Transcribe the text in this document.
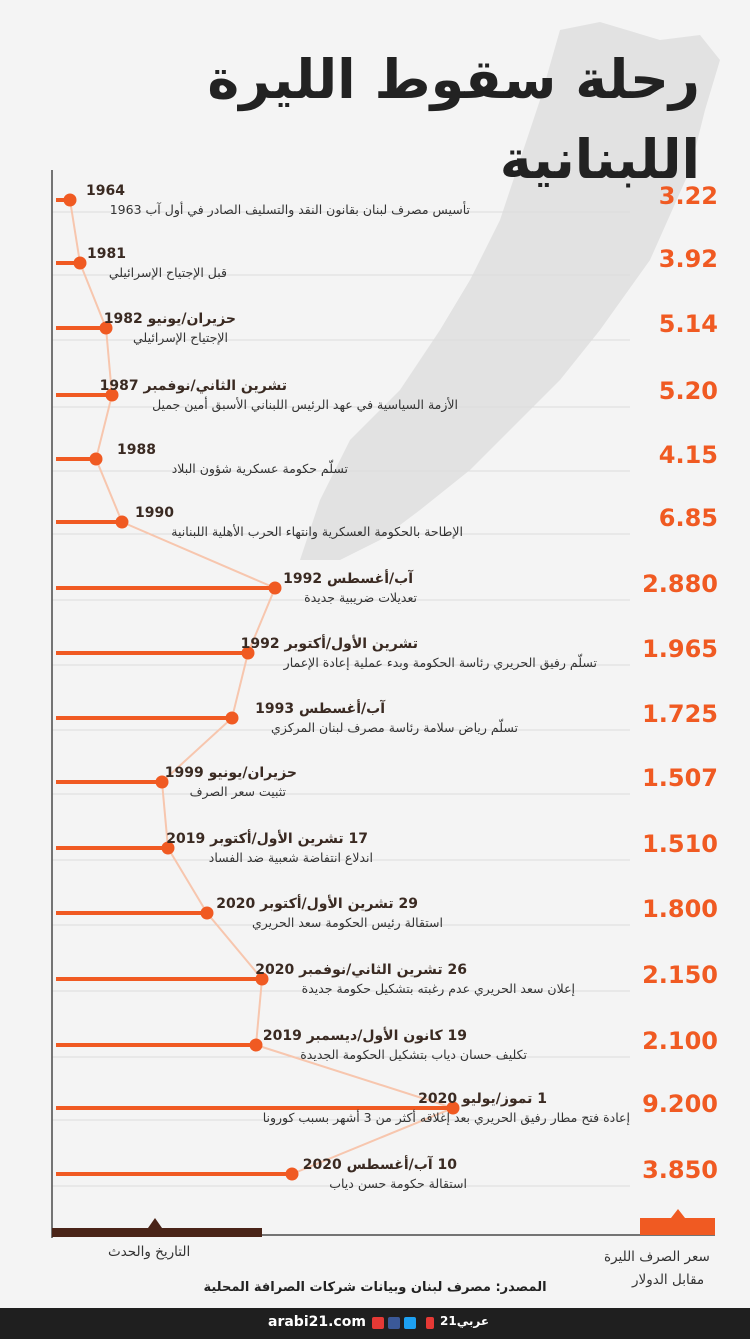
رحلة سقوط الليرة اللبنانية
1964
تأسيس مصرف لبنان بقانون النقد والتسليف الصادر في أول آب 1963	3.22
1981
قبل الإجتياح الإسرائيلي	3.92
حزيران/يونيو 1982
الإجتياح الإسرائيلي	5.14
تشرين الثاني/نوفمبر 1987
الأزمة السياسية في عهد الرئيس اللبناني الأسبق أمين جميل	5.20
1988
تسلّم حكومة عسكرية شؤون البلاد	4.15
1990
الإطاحة بالحكومة العسكرية وانتهاء الحرب الأهلية اللبنانية	6.85
آب/أغسطس 1992
تعديلات ضريبية جديدة	2.880
تشرين الأول/أكتوبر 1992
تسلّم رفيق الحريري رئاسة الحكومة وبدء عملية إعادة الإعمار	1.965
آب/أغسطس 1993
تسلّم رياض سلامة رئاسة مصرف لبنان المركزي	1.725
حزيران/يونيو 1999
تثبيت سعر الصرف	1.507
17 تشرين الأول/أكتوبر 2019
اندلاع انتفاضة شعبية ضد الفساد	1.510
29 تشرين الأول/أكتوبر 2020
استقالة رئيس الحكومة سعد الحريري	1.800
26 تشرين الثاني/نوفمبر 2020
إعلان سعد الحريري عدم رغبته بتشكيل حكومة جديدة	2.150
19 كانون الأول/ديسمبر 2019
تكليف حسان دياب بتشكيل الحكومة الجديدة	2.100
1 تموز/يوليو 2020
إعادة فتح مطار رفيق الحريري بعد إغلاقه أكثر من 3 أشهر بسبب كورونا 9.200
10 آب/أغسطس 2020
استقالة حكومة حسن دياب	3.850
التاريخ والحدث	سعر الصرف الليرة
مقابل الدولار
المصدر: مصرف لبنان وبيانات شركات الصرافة المحلية
arabi21.com	عربي21
